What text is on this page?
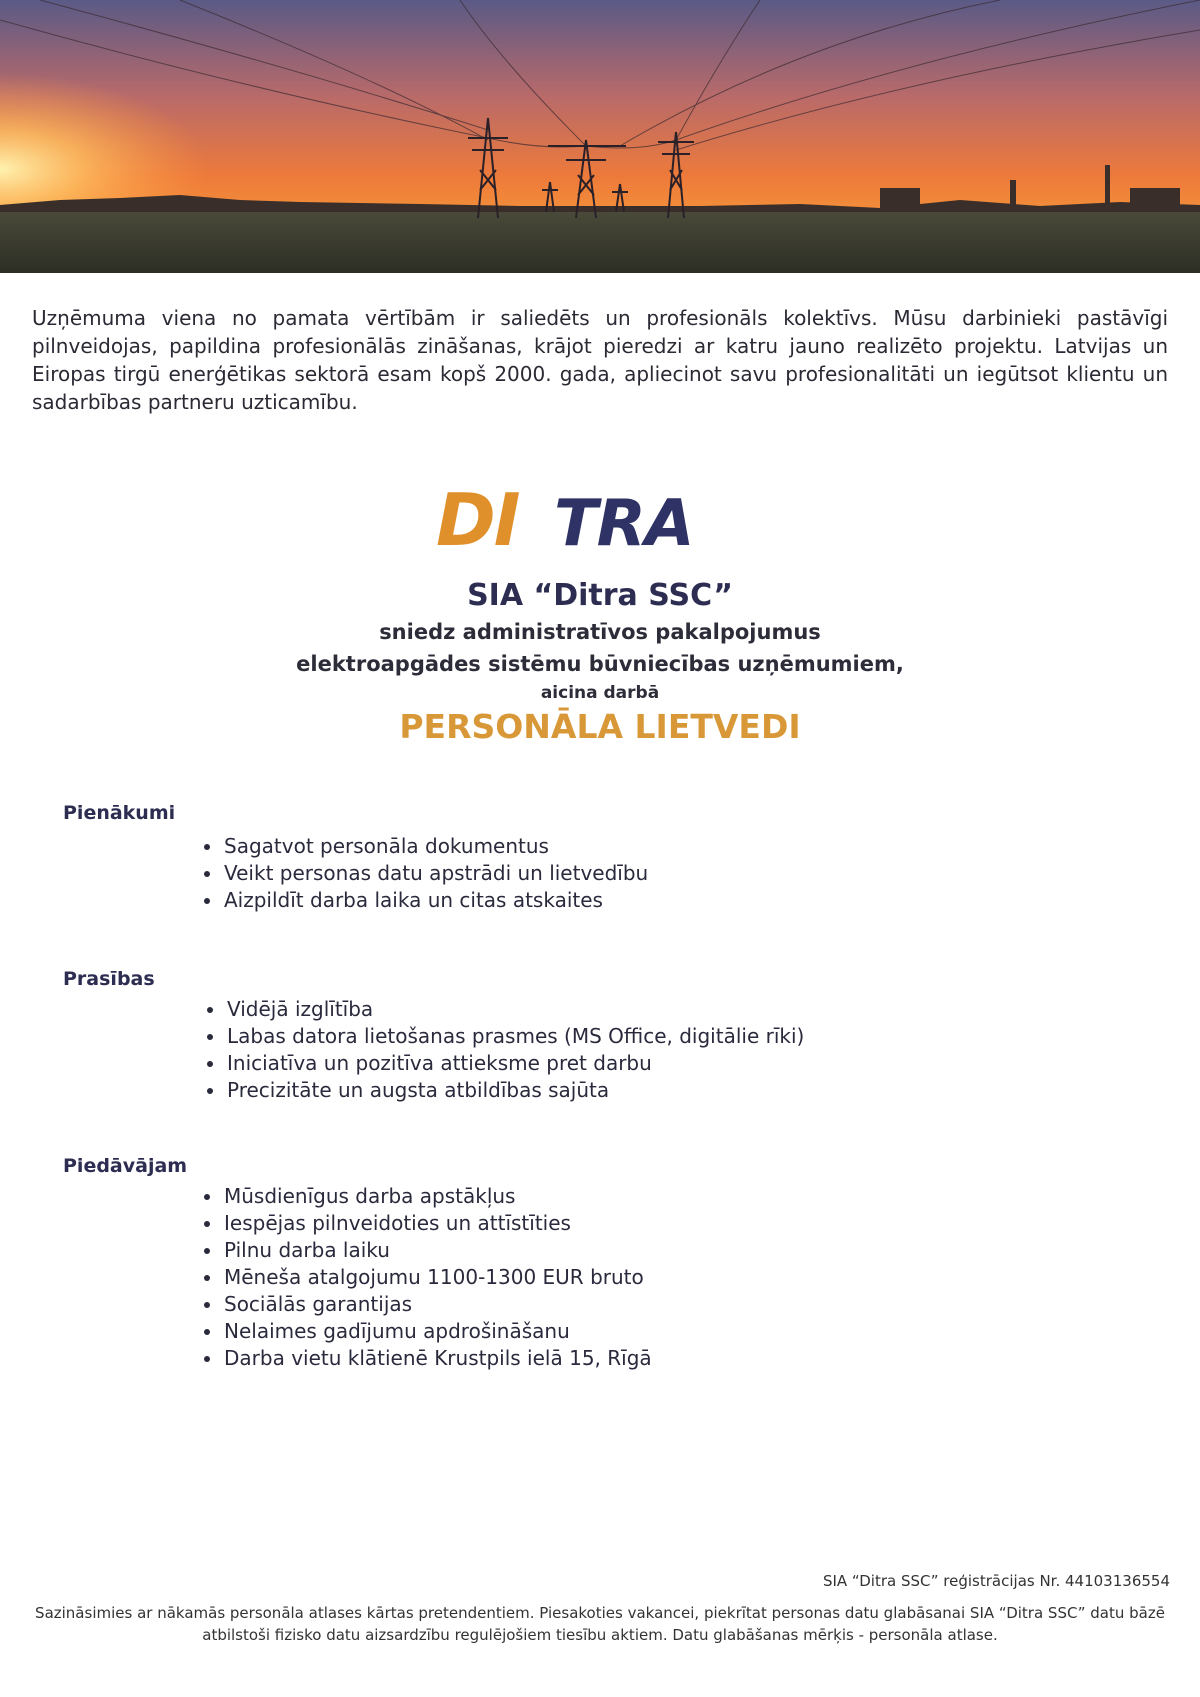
Uzņēmuma viena no pamata vērtībām ir saliedēts un profesionāls kolektīvs. Mūsu darbinieki pastāvīgi pilnveidojas, papildina profesionālās zināšanas, krājot pieredzi ar katru jauno realizēto projektu. Latvijas un Eiropas tirgū enerģētikas sektorā esam kopš 2000. gada, apliecinot savu profesionalitāti un iegūtsot klientu un sadarbības partneru uzticamību.

DI TRA
SIA “Ditra SSC”
sniedz administratīvos pakalpojumus
elektroapgādes sistēmu būvniecības uzņēmumiem,
aicina darbā
PERSONĀLA LIETVEDI
Pienākumi
Sagatvot personāla dokumentus
Veikt personas datu apstrādi un lietvedību
Aizpildīt darba laika un citas atskaites
Prasības
Vidējā izglītība
Labas datora lietošanas prasmes (MS Office, digitālie rīki)
Iniciatīva un pozitīva attieksme pret darbu
Precizitāte un augsta atbildības sajūta
Piedāvājam
Mūsdienīgus darba apstākļus
Iespējas pilnveidoties un attīstīties
Pilnu darba laiku
Mēneša atalgojumu 1100-1300 EUR bruto
Sociālās garantijas
Nelaimes gadījumu apdrošināšanu
Darba vietu klātienē Krustpils ielā 15, Rīgā
SIA “Ditra SSC” reģistrācijas Nr. 44103136554
Sazināsimies ar nākamās personāla atlases kārtas pretendentiem. Piesakoties vakancei, piekrītat personas datu glabāsanai SIA “Ditra SSC” datu bāzē atbilstoši fizisko datu aizsardzību regulējošiem tiesību aktiem. Datu glabāšanas mērķis - personāla atlase.
